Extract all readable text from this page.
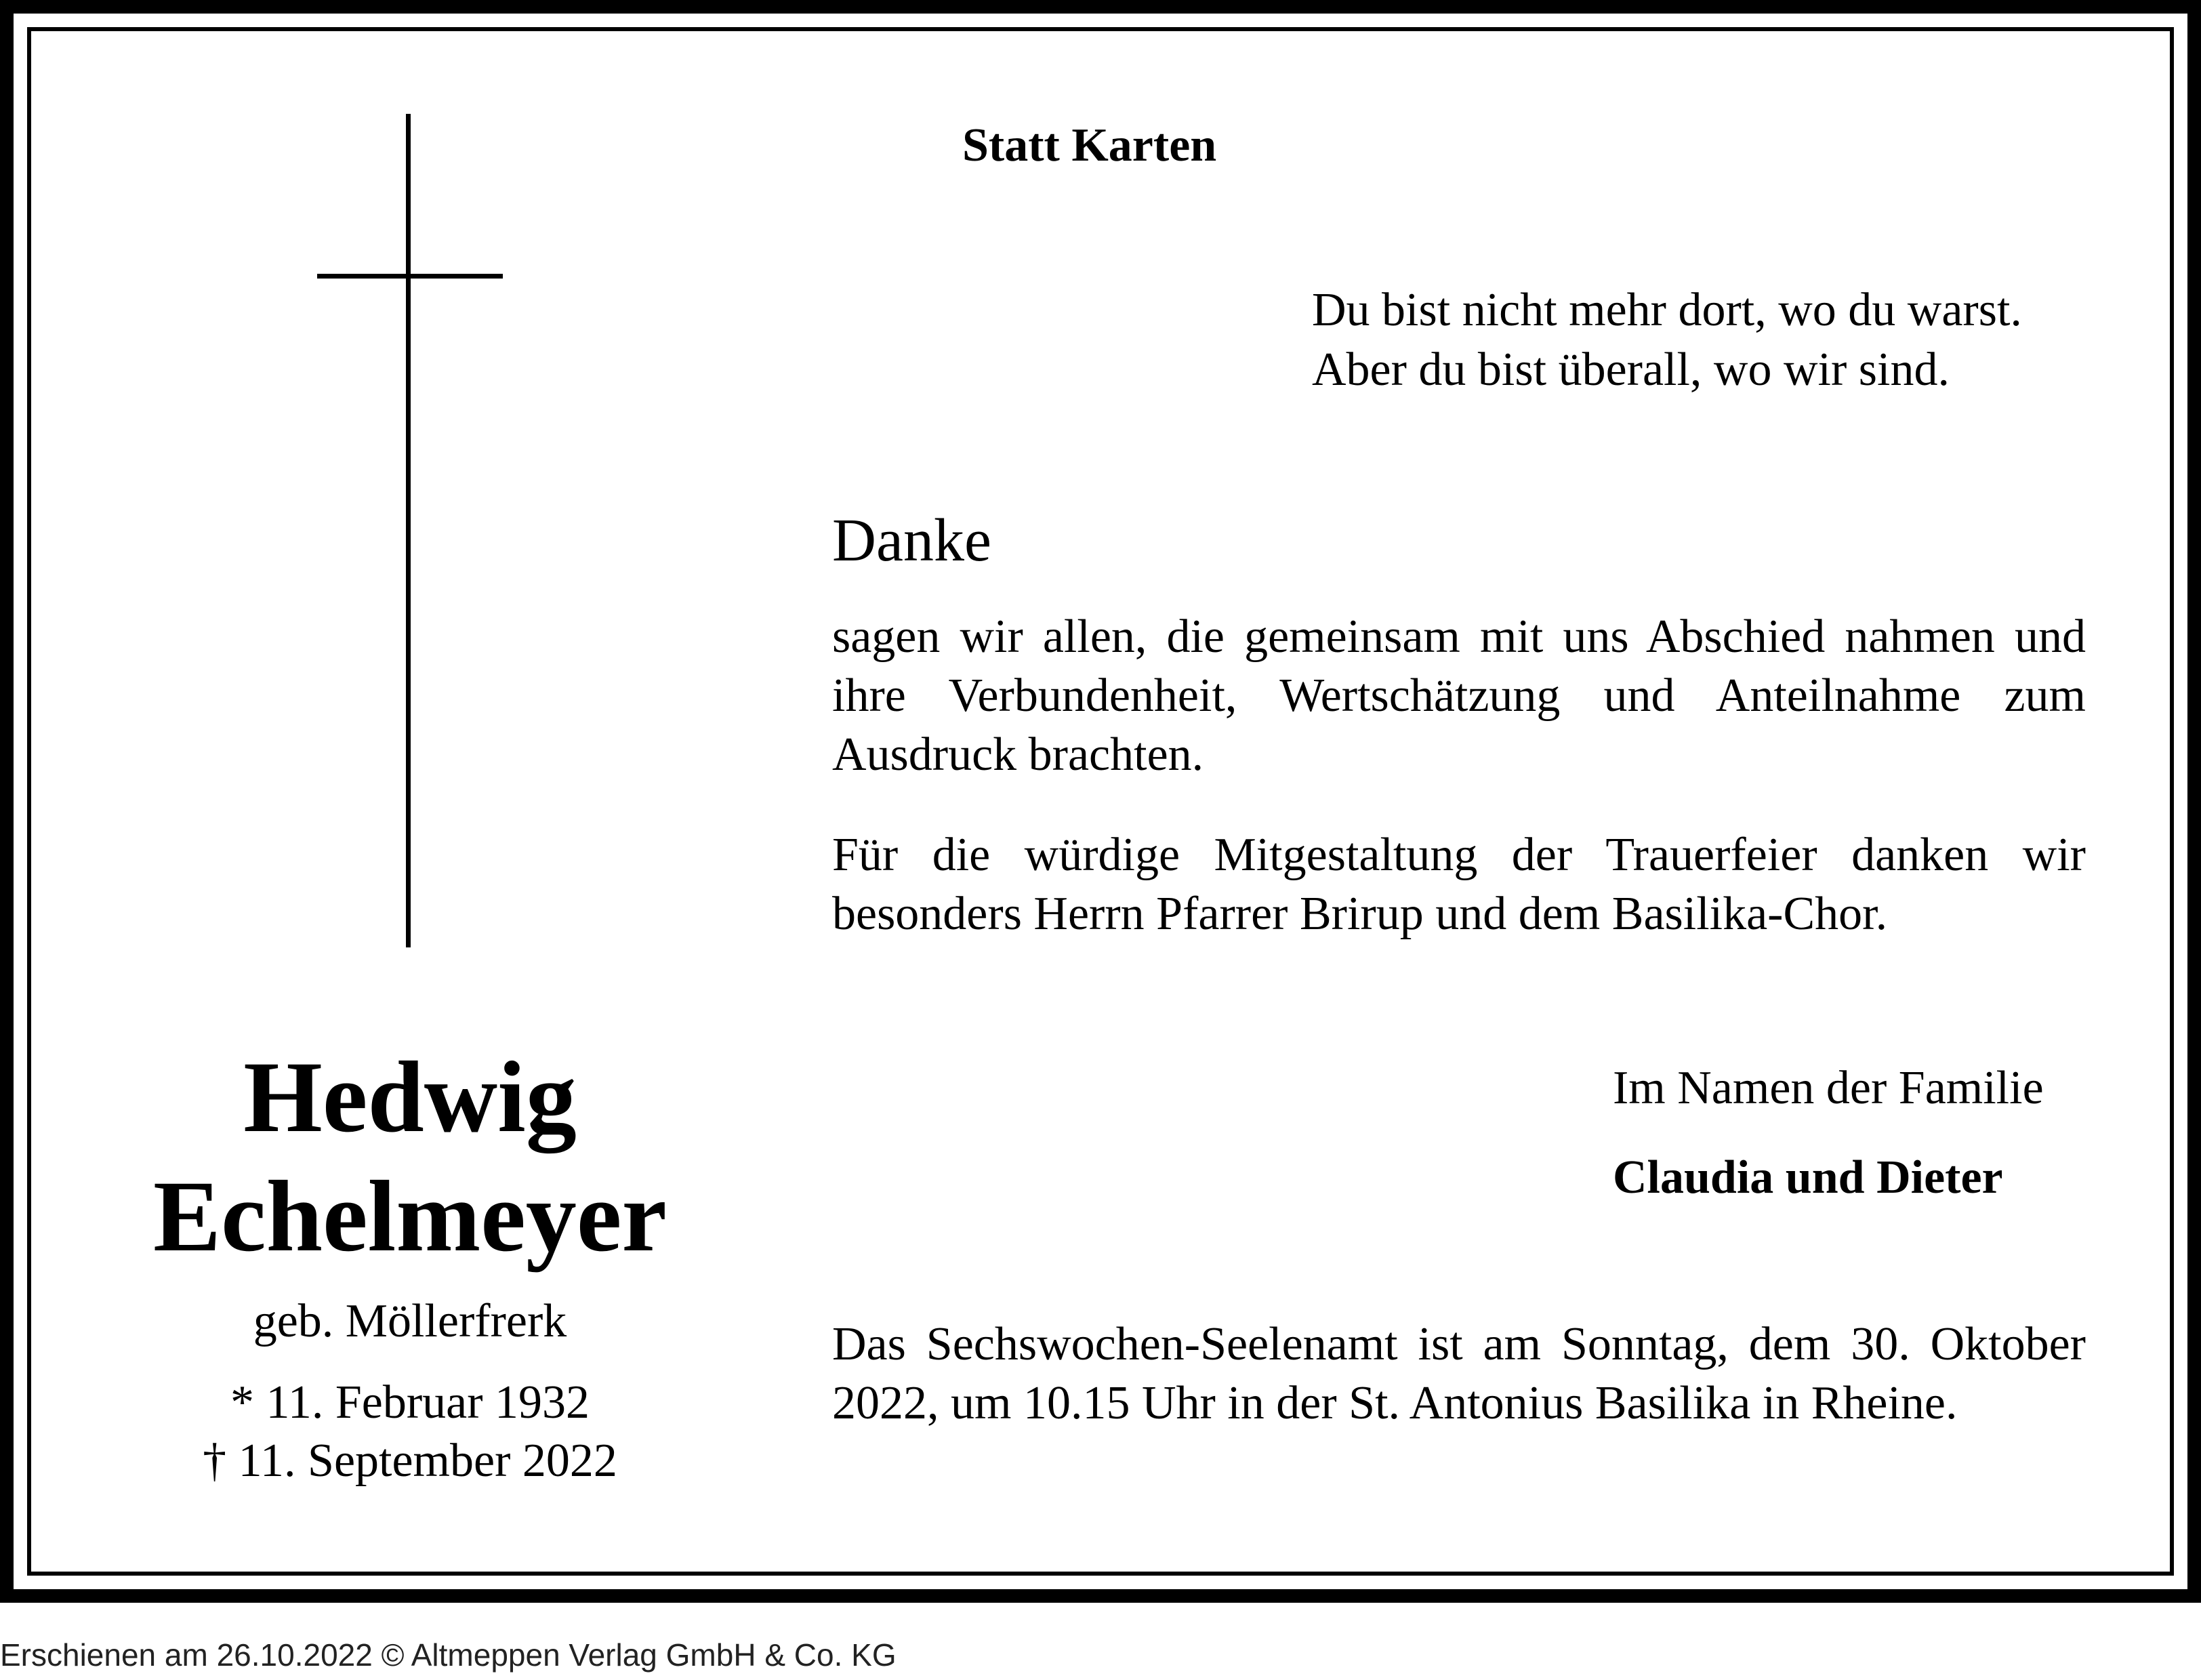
Statt Karten
Du bist nicht mehr dort, wo du warst.
Aber du bist überall, wo wir sind.
Danke
sagen wir allen, die gemeinsam mit uns Abschied nahmen und ihre Verbundenheit, Wertschätzung und Anteilnahme zum Ausdruck brachten.
Für die würdige Mitgestaltung der Trauerfeier danken wir besonders Herrn Pfarrer Brirup und dem Basilika-Chor.
Hedwig
Echelmeyer
geb. Möllerfrerk
* 11. Februar 1932
† 11. September 2022
Im Namen der Familie
Claudia und Dieter
Das Sechswochen-Seelenamt ist am Sonntag, dem 30. Oktober 2022, um 10.15 Uhr in der St. Antonius Basilika in Rheine.
Erschienen am 26.10.2022 © Altmeppen Verlag GmbH & Co. KG
